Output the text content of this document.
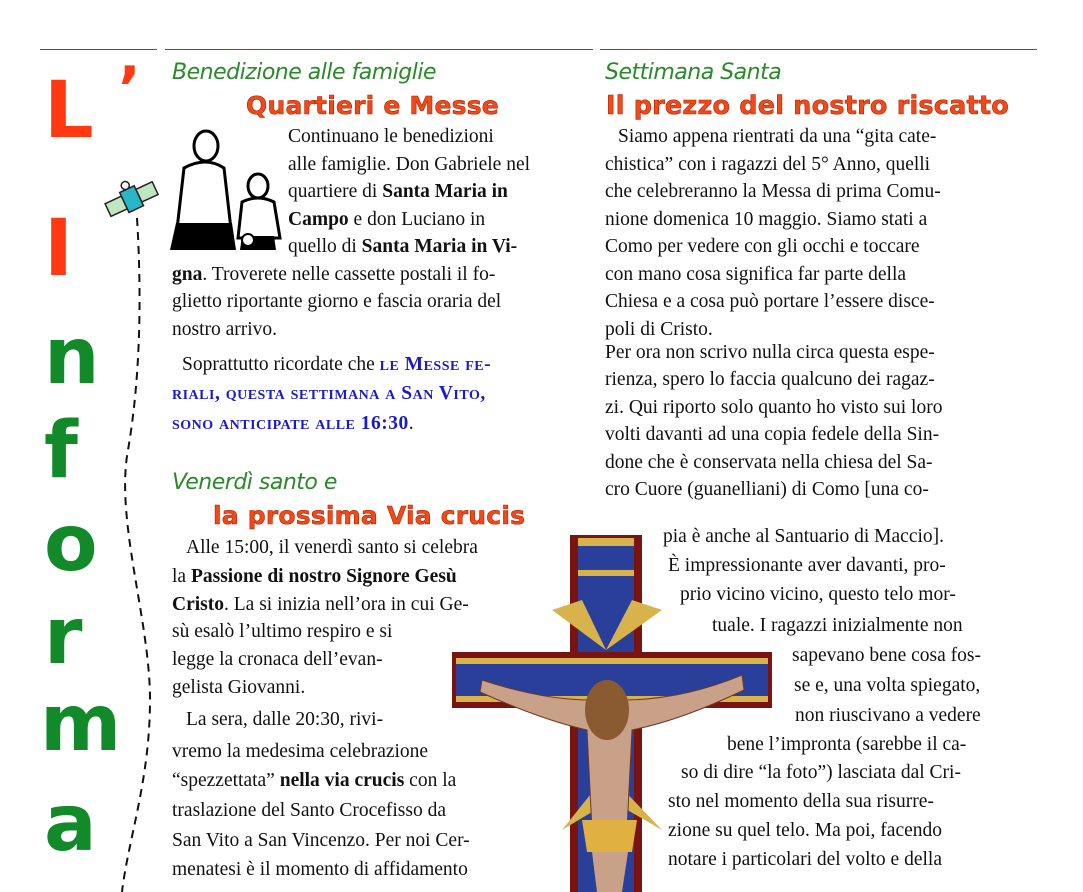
L ’
I
n
f
o
r
m
a
Continuano le benedizioni
alle famiglie. Don Gabriele nel
quartiere di Santa Maria in
Campo e don Luciano in
quello di Santa Maria in Vi-
gna. Troverete nelle cassette postali il fo-
glietto riportante giorno e fascia oraria del
nostro arrivo.
Soprattutto ricordate che le Messe fe-
riali, questa settimana a San Vito,
sono anticipate alle 16:30.
Alle 15:00, il venerdì santo si celebra
la Passione di nostro Signore Gesù
Cristo. La si inizia nell’ora in cui Ge-
sù esalò l’ultimo respiro e si
legge la cronaca dell’evan-
gelista Giovanni.
La sera, dalle 20:30, rivi-
vremo la medesima celebrazione
“spezzettata” nella via crucis con la
traslazione del Santo Crocefisso da
San Vito a San Vincenzo. Per noi Cer-
menatesi è il momento di affidamento
Siamo appena rientrati da una “gita cate-
chistica” con i ragazzi del 5° Anno, quelli
che celebreranno la Messa di prima Comu-
nione domenica 10 maggio. Siamo stati a
Como per vedere con gli occhi e toccare
con mano cosa significa far parte della
Chiesa e a cosa può portare l’essere disce-
poli di Cristo.
Per ora non scrivo nulla circa questa espe-
rienza, spero lo faccia qualcuno dei ragaz-
zi. Qui riporto solo quanto ho visto sui loro
volti davanti ad una copia fedele della Sin-
done che è conservata nella chiesa del Sa-
cro Cuore (guanelliani) di Como [una co-
pia è anche al Santuario di Maccio].
È impressionante aver davanti, pro-
prio vicino vicino, questo telo mor-
tuale. I ragazzi inizialmente non
sapevano bene cosa fos-
se e, una volta spiegato,
non riuscivano a vedere
bene l’impronta (sarebbe il ca-
so di dire “la foto”) lasciata dal Cri-
sto nel momento della sua risurre-
zione su quel telo. Ma poi, facendo
notare i particolari del volto e della
Benedizione alle famiglie
Quartieri e Messe
Venerdì santo e
la prossima Via crucis
Settimana Santa
Il prezzo del nostro riscatto
